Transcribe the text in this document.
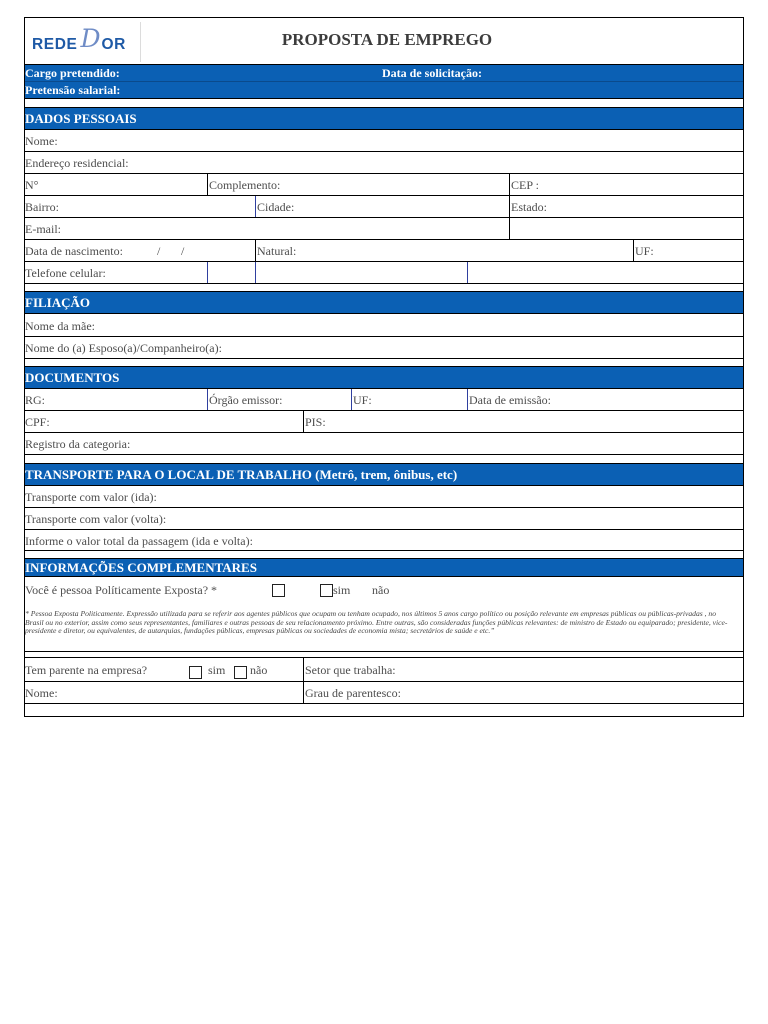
REDE DOR	PROPOSTA DE EMPREGO
Cargo pretendido:	Data de solicitação:
Pretensão salarial:
DADOS PESSOAIS
Nome:
Endereço residencial:
N°	Complemento:	CEP :
Bairro:	Cidade:	Estado:
E-mail:
Data de nascimento:	/ /	Natural:	UF:
Telefone celular:
FILIAÇÃO
Nome da mãe:
Nome do (a) Esposo(a)/Companheiro(a):
DOCUMENTOS
RG:	Órgão emissor:	UF:	Data de emissão:
CPF:	PIS:
Registro da categoria:
TRANSPORTE PARA O LOCAL DE TRABALHO (Metrô, trem, ônibus, etc)
Transporte com valor (ida):
Transporte com valor (volta):
Informe o valor total da passagem (ida e volta):
INFORMAÇÕES COMPLEMENTARES
Você é pessoa Políticamente Exposta? *	sim não
* Pessoa Exposta Politicamente. Expressão utilizada para se referir aos agentes públicos que ocupam ou tenham ocupado, nos últimos 5 anos cargo político ou posição relevante em empresas públicas ou públicas-privadas , no Brasil ou no exterior, assim como seus representantes, familiares e outras pessoas de seu relacionamento próximo. Entre outras, são consideradas funções públicas relevantes: de ministro de Estado ou equiparado; presidente, vice-presidente e diretor, ou equivalentes, de autarquias, fundações públicas, empresas públicas ou sociedades de economia mista; secretários de saúde e etc.”
Tem parente na empresa?	sim não	Setor que trabalha:
Nome:	Grau de parentesco:
